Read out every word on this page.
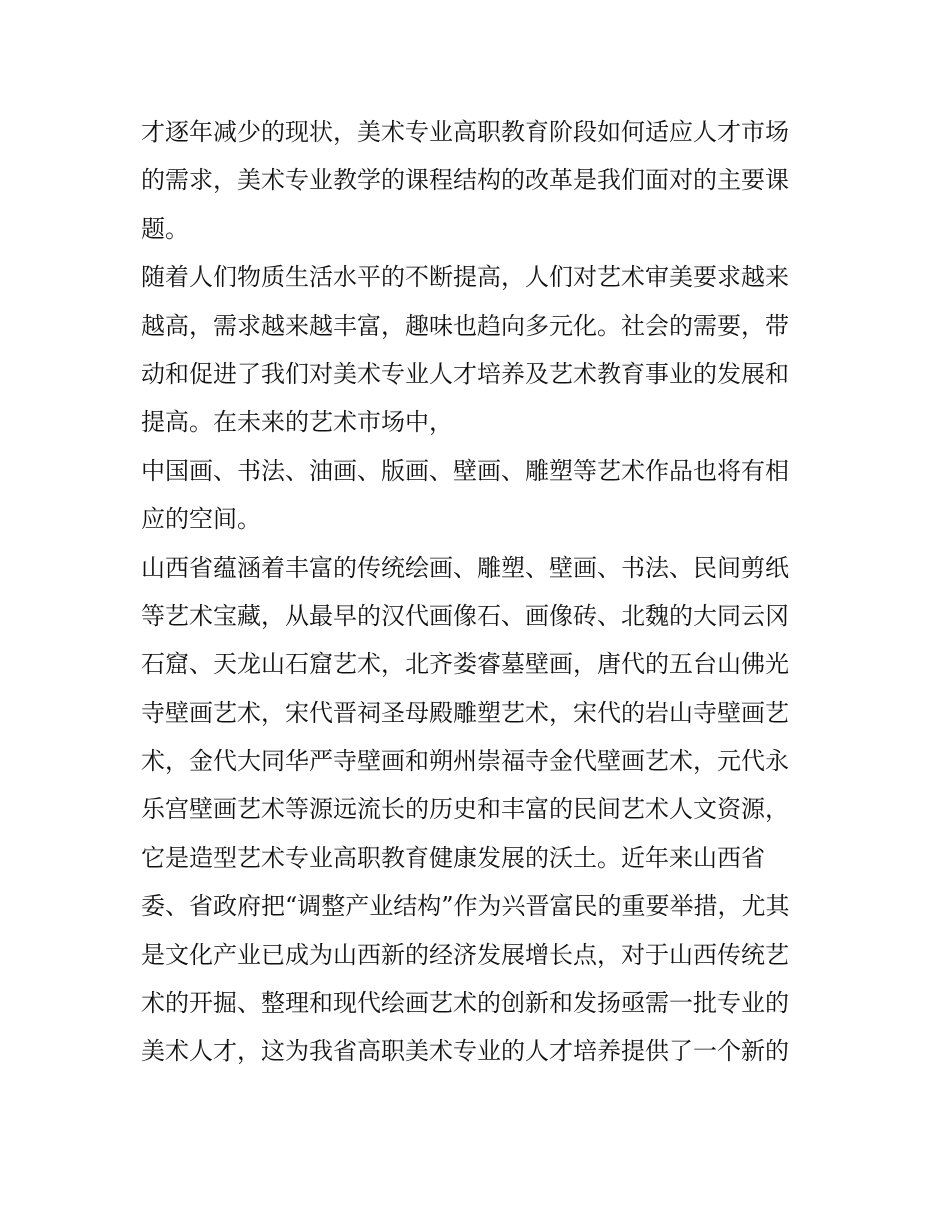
才逐年减少的现状，美术专业高职教育阶段如何适应人才市场
的需求，美术专业教学的课程结构的改革是我们面对的主要课
题。
随着人们物质生活水平的不断提高，人们对艺术审美要求越来
越高，需求越来越丰富，趣味也趋向多元化。社会的需要，带
动和促进了我们对美术专业人才培养及艺术教育事业的发展和
提高。在未来的艺术市场中，
中国画、书法、油画、版画、壁画、雕塑等艺术作品也将有相
应的空间。
山西省蕴涵着丰富的传统绘画、雕塑、壁画、书法、民间剪纸
等艺术宝藏，从最早的汉代画像石、画像砖、北魏的大同云冈
石窟、天龙山石窟艺术，北齐娄睿墓壁画，唐代的五台山佛光
寺壁画艺术，宋代晋祠圣母殿雕塑艺术，宋代的岩山寺壁画艺
术，金代大同华严寺壁画和朔州崇福寺金代壁画艺术，元代永
乐宫壁画艺术等源远流长的历史和丰富的民间艺术人文资源，
它是造型艺术专业高职教育健康发展的沃土。近年来山西省
委、省政府把“调整产业结构”作为兴晋富民的重要举措，尤其
是文化产业已成为山西新的经济发展增长点，对于山西传统艺
术的开掘、整理和现代绘画艺术的创新和发扬亟需一批专业的
美术人才，这为我省高职美术专业的人才培养提供了一个新的
